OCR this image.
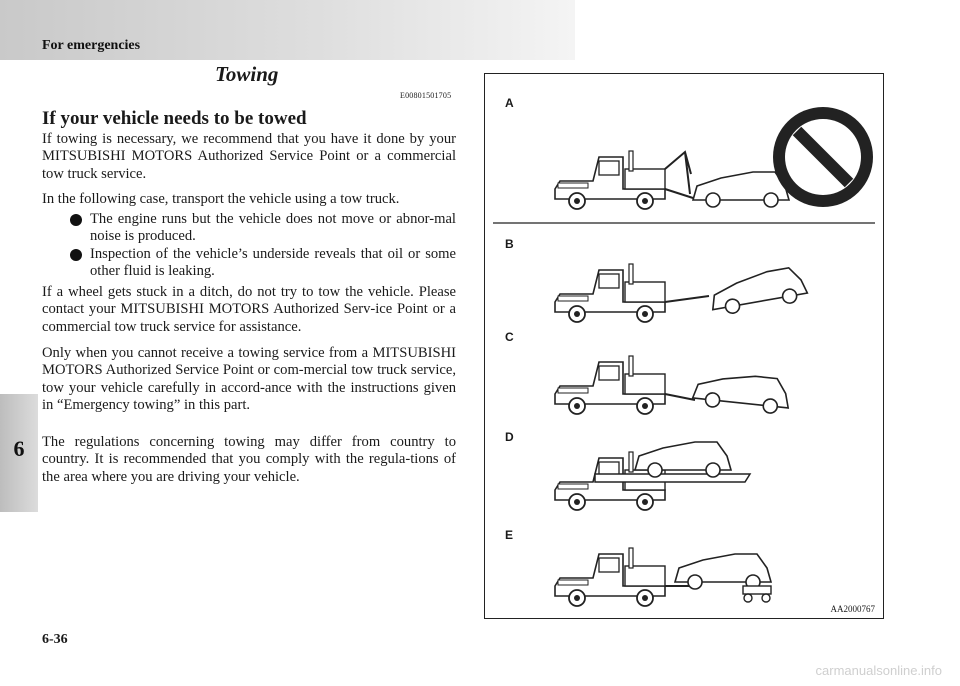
For emergencies
6
Towing
E00801501705
If your vehicle needs to be towed
If towing is necessary, we recommend that you have it done by your MITSUBISHI MOTORS Authorized Service Point or a commercial tow truck service.
In the following case, transport the vehicle using a tow truck.
The engine runs but the vehicle does not move or abnor-mal noise is produced.
Inspection of the vehicle’s underside reveals that oil or some other fluid is leaking.
If a wheel gets stuck in a ditch, do not try to tow the vehicle. Please contact your MITSUBISHI MOTORS Authorized Serv-ice Point or a commercial tow truck service for assistance.
Only when you cannot receive a towing service from a MITSUBISHI MOTORS Authorized Service Point or com-mercial tow truck service, tow your vehicle carefully in accord-ance with the instructions given in “Emergency towing” in this part.
The regulations concerning towing may differ from country to country. It is recommended that you comply with the regula-tions of the area where you are driving your vehicle.
A
B
C
D
E
AA2000767
6-36
carmanualsonline.info
